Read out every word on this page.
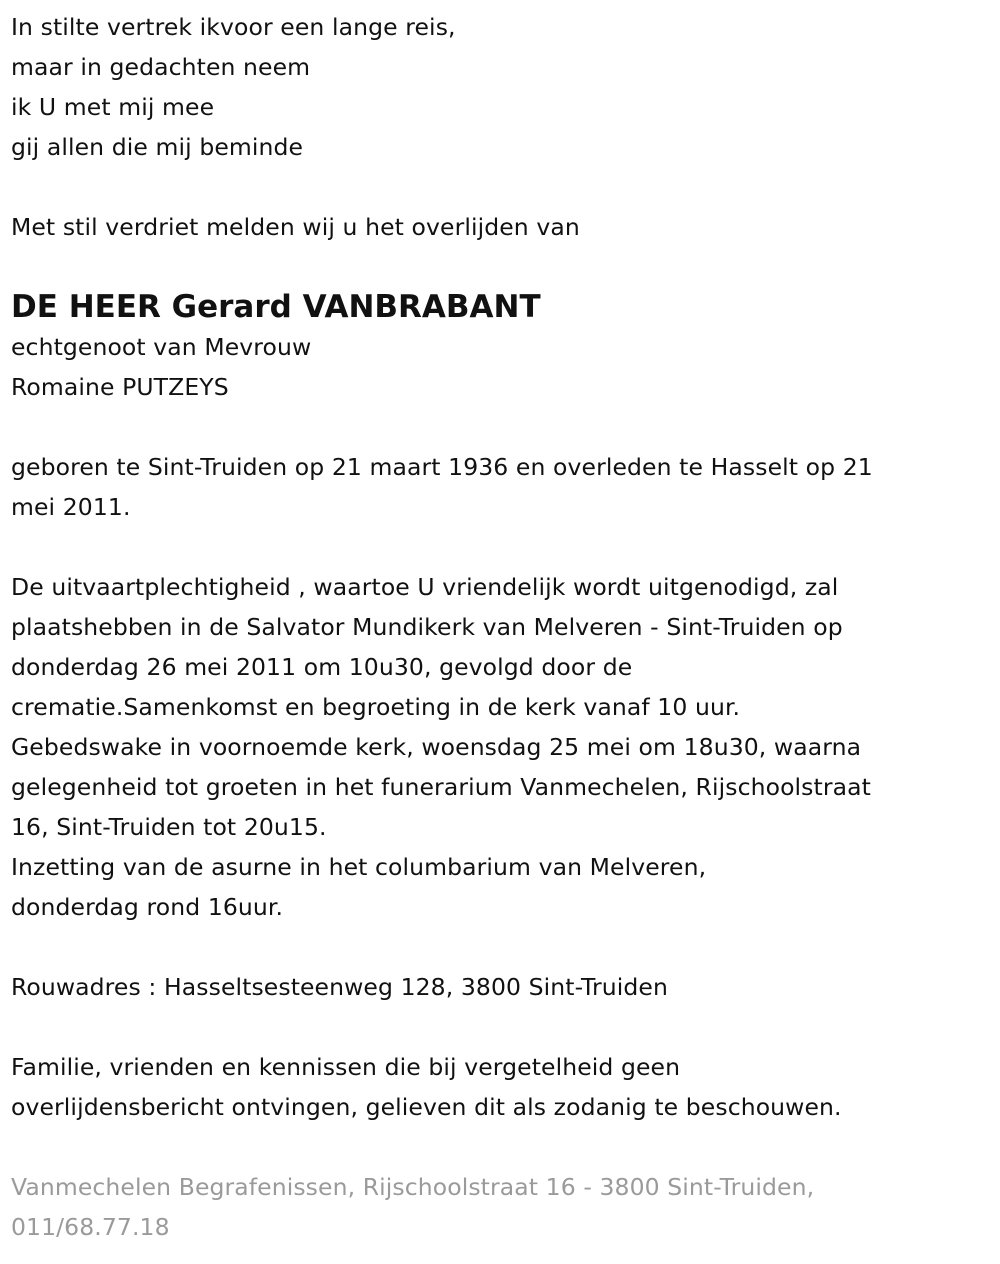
In stilte vertrek ikvoor een lange reis,
maar in gedachten neem
ik U met mij mee
gij allen die mij beminde
Met stil verdriet melden wij u het overlijden van
DE HEER Gerard VANBRABANT
echtgenoot van Mevrouw
Romaine PUTZEYS
geboren te Sint-Truiden op 21 maart 1936 en overleden te Hasselt op 21
mei 2011.
De uitvaartplechtigheid , waartoe U vriendelijk wordt uitgenodigd, zal
plaatshebben in de Salvator Mundikerk van Melveren - Sint-Truiden op
donderdag 26 mei 2011 om 10u30, gevolgd door de
crematie.Samenkomst en begroeting in de kerk vanaf 10 uur.
Gebedswake in voornoemde kerk, woensdag 25 mei om 18u30, waarna
gelegenheid tot groeten in het funerarium Vanmechelen, Rijschoolstraat
16, Sint-Truiden tot 20u15.
Inzetting van de asurne in het columbarium van Melveren,
donderdag rond 16uur.
Rouwadres : Hasseltsesteenweg 128, 3800 Sint-Truiden
Familie, vrienden en kennissen die bij vergetelheid geen
overlijdensbericht ontvingen, gelieven dit als zodanig te beschouwen.
Vanmechelen Begrafenissen, Rijschoolstraat 16 - 3800 Sint-Truiden,
011/68.77.18
